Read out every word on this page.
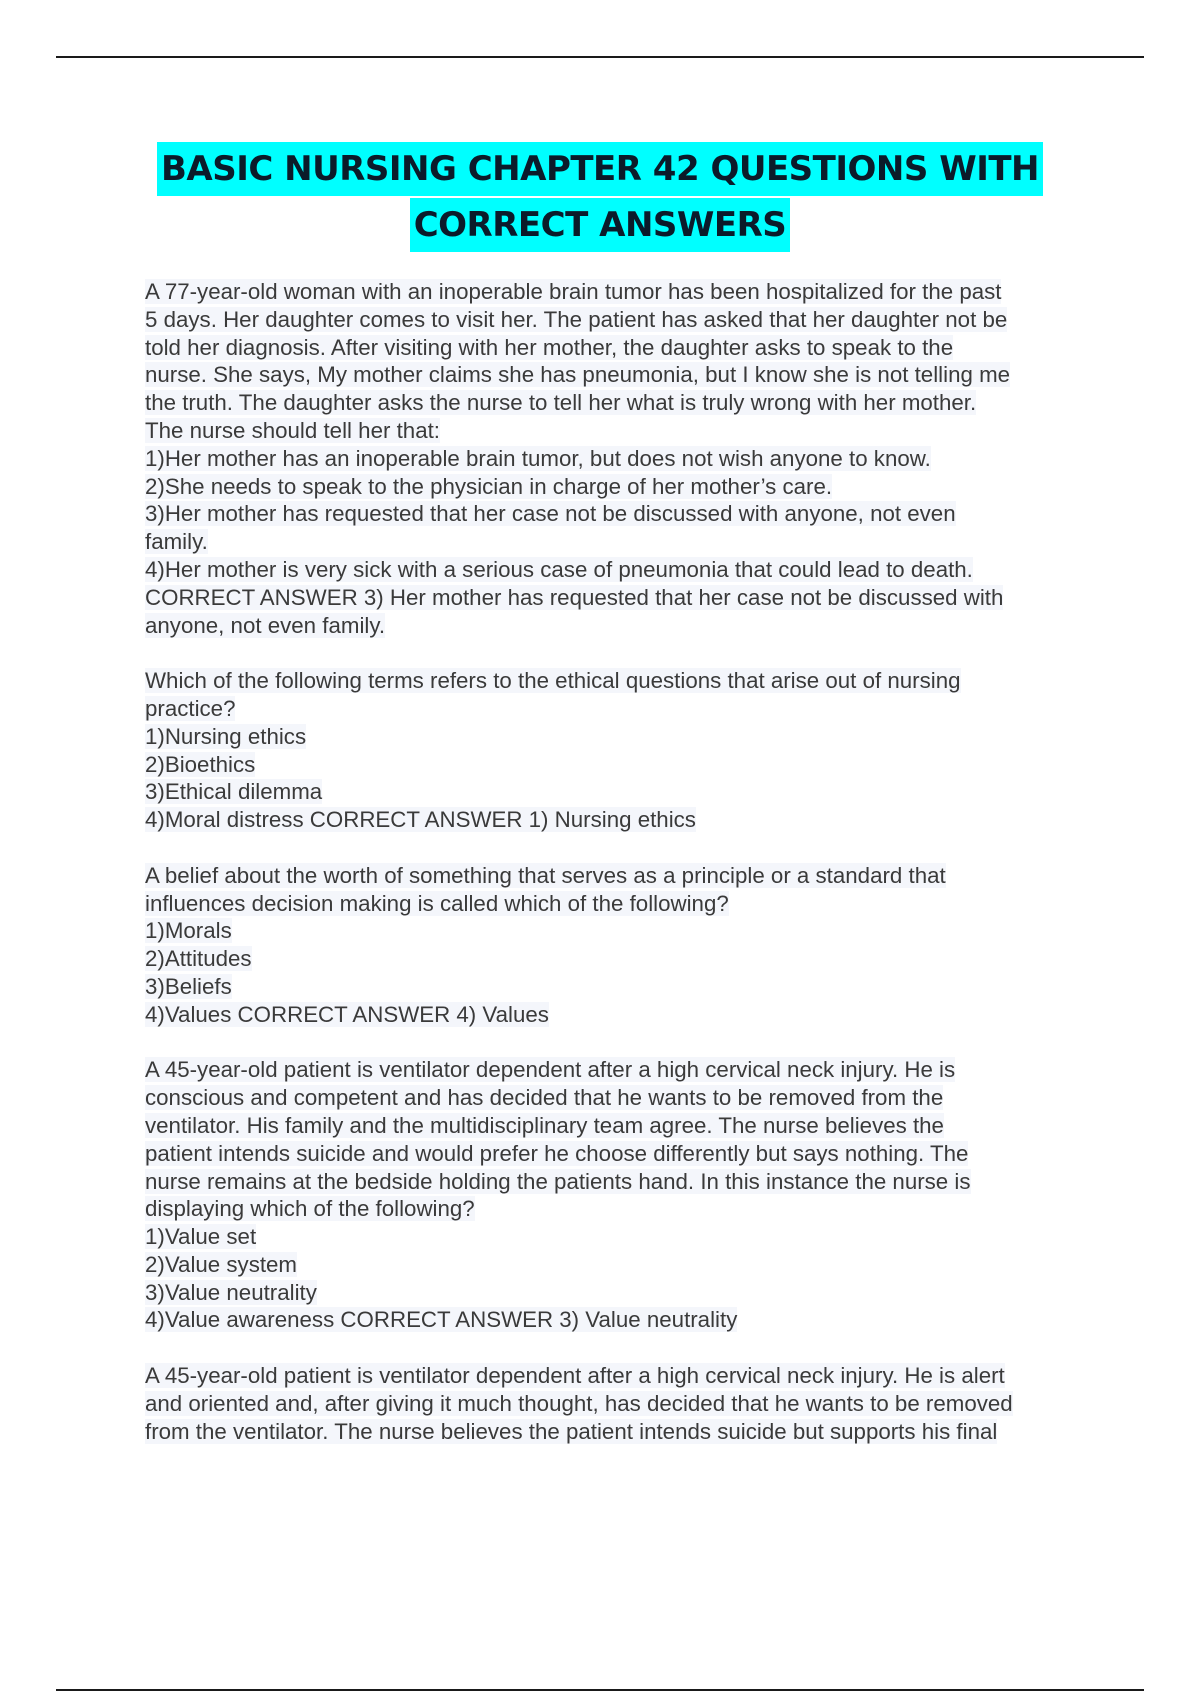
BASIC NURSING CHAPTER 42 QUESTIONS WITH
CORRECT ANSWERS
A 77-year-old woman with an inoperable brain tumor has been hospitalized for the past
5 days. Her daughter comes to visit her. The patient has asked that her daughter not be
told her diagnosis. After visiting with her mother, the daughter asks to speak to the
nurse. She says, My mother claims she has pneumonia, but I know she is not telling me
the truth. The daughter asks the nurse to tell her what is truly wrong with her mother.
The nurse should tell her that:
1)Her mother has an inoperable brain tumor, but does not wish anyone to know.
2)She needs to speak to the physician in charge of her mother’s care.
3)Her mother has requested that her case not be discussed with anyone, not even
family.
4)Her mother is very sick with a serious case of pneumonia that could lead to death.
CORRECT ANSWER 3) Her mother has requested that her case not be discussed with
anyone, not even family.
Which of the following terms refers to the ethical questions that arise out of nursing
practice?
1)Nursing ethics
2)Bioethics
3)Ethical dilemma
4)Moral distress CORRECT ANSWER 1) Nursing ethics
A belief about the worth of something that serves as a principle or a standard that
influences decision making is called which of the following?
1)Morals
2)Attitudes
3)Beliefs
4)Values CORRECT ANSWER 4) Values
A 45-year-old patient is ventilator dependent after a high cervical neck injury. He is
conscious and competent and has decided that he wants to be removed from the
ventilator. His family and the multidisciplinary team agree. The nurse believes the
patient intends suicide and would prefer he choose differently but says nothing. The
nurse remains at the bedside holding the patients hand. In this instance the nurse is
displaying which of the following?
1)Value set
2)Value system
3)Value neutrality
4)Value awareness CORRECT ANSWER 3) Value neutrality
A 45-year-old patient is ventilator dependent after a high cervical neck injury. He is alert
and oriented and, after giving it much thought, has decided that he wants to be removed
from the ventilator. The nurse believes the patient intends suicide but supports his final
